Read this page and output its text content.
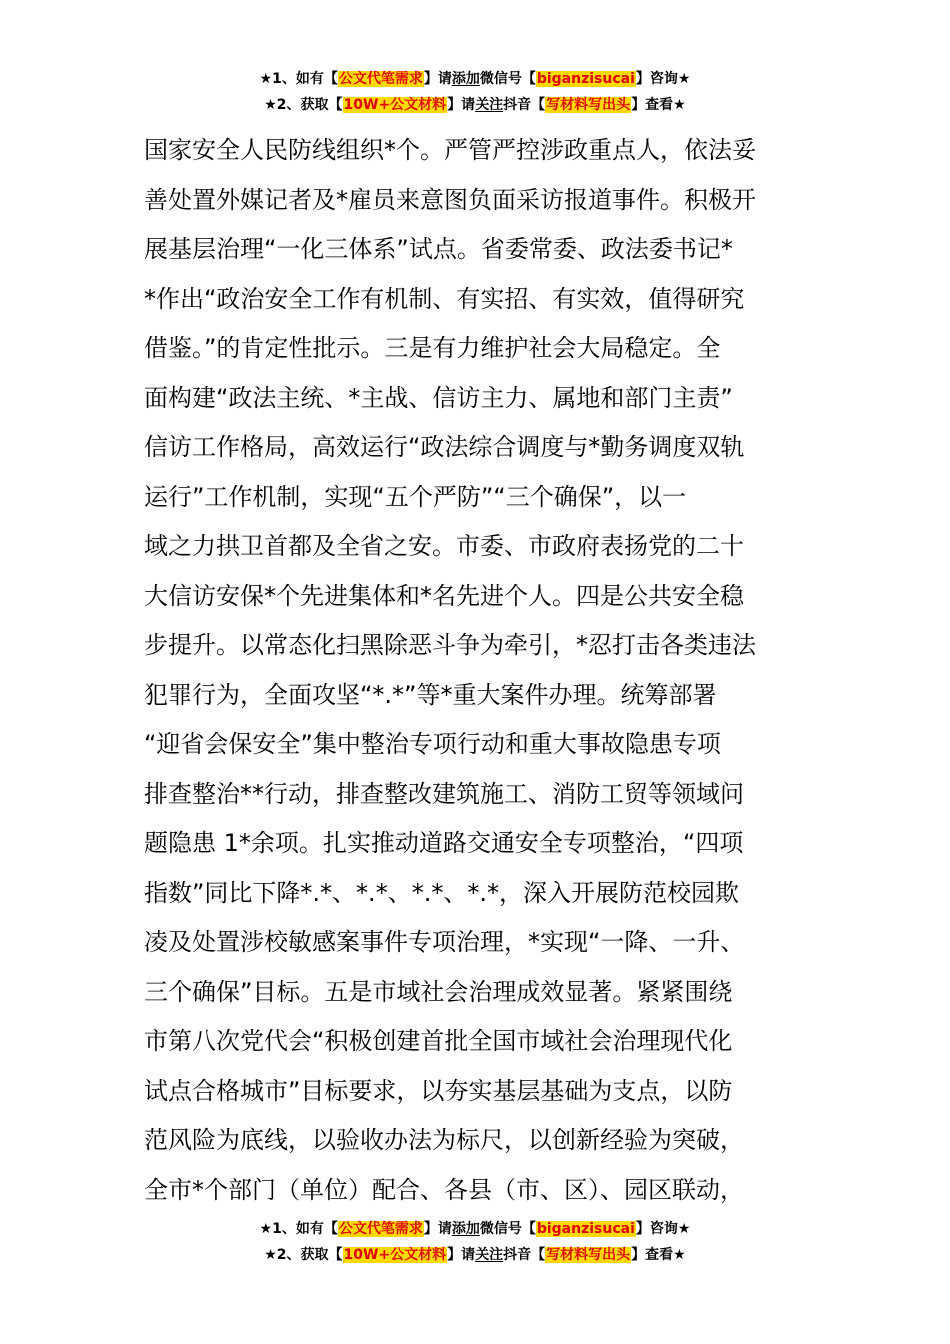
★1、如有【公文代笔需求】请添加微信号【biganzisucai】咨询★
★2、获取【10W+公文材料】请关注抖音【写材料写出头】查看★
国家安全人民防线组织*个。严管严控涉政重点人，依法妥
善处置外媒记者及*雇员来意图负面采访报道事件。积极开
展基层治理“一化三体系”试点。省委常委、政法委书记*
*作出“政治安全工作有机制、有实招、有实效，值得研究
借鉴。”的肯定性批示。三是有力维护社会大局稳定。全
面构建“政法主统、*主战、信访主力、属地和部门主责”
信访工作格局，高效运行“政法综合调度与*勤务调度双轨
运行”工作机制，实现“五个严防”“三个确保”，以一
域之力拱卫首都及全省之安。市委、市政府表扬党的二十
大信访安保*个先进集体和*名先进个人。四是公共安全稳
步提升。以常态化扫黑除恶斗争为牵引，*忍打击各类违法
犯罪行为，全面攻坚“*.*”等*重大案件办理。统筹部署
“迎省会保安全”集中整治专项行动和重大事故隐患专项
排查整治**行动，排查整改建筑施工、消防工贸等领域问
题隐患 1*余项。扎实推动道路交通安全专项整治，“四项
指数”同比下降*.*、*.*、*.*、*.*，深入开展防范校园欺
凌及处置涉校敏感案事件专项治理，*实现“一降、一升、
三个确保”目标。五是市域社会治理成效显著。紧紧围绕
市第八次党代会“积极创建首批全国市域社会治理现代化
试点合格城市”目标要求，以夯实基层基础为支点，以防
范风险为底线，以验收办法为标尺，以创新经验为突破，
全市*个部门（单位）配合、各县（市、区）、园区联动，
★1、如有【公文代笔需求】请添加微信号【biganzisucai】咨询★
★2、获取【10W+公文材料】请关注抖音【写材料写出头】查看★
